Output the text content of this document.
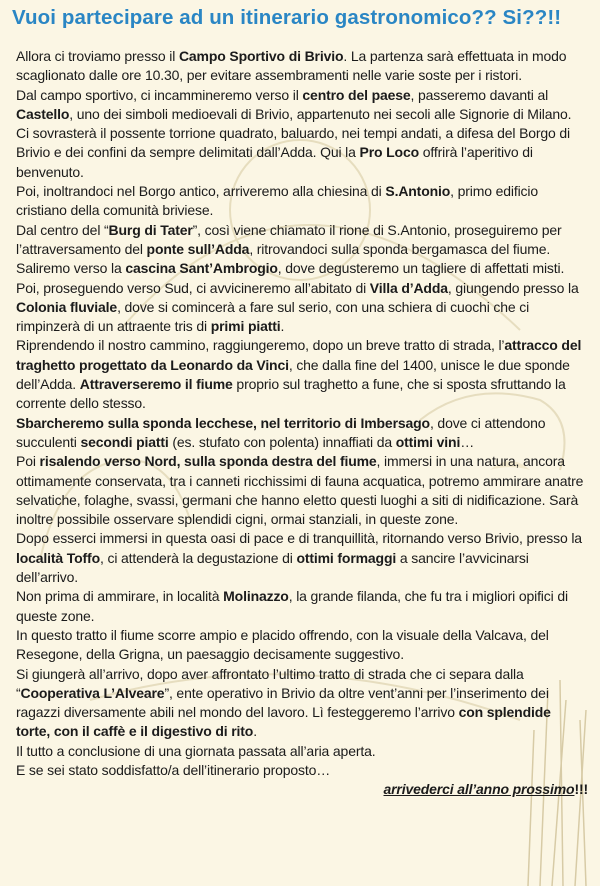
Vuoi partecipare ad un itinerario gastronomico?? Si??!!

Allora ci troviamo presso il Campo Sportivo di Brivio. La partenza sarà effettuata in modo scaglionato dalle ore 10.30, per evitare assembramenti nelle varie soste per i ristori.

Dal campo sportivo, ci incammineremo verso il centro del paese, passeremo davanti al Castello, uno dei simboli medioevali di Brivio, appartenuto nei secoli alle Signorie di Milano. Ci sovrasterà il possente torrione quadrato, baluardo, nei tempi andati, a difesa del Borgo di Brivio e dei confini da sempre delimitati dall’Adda. Qui la Pro Loco offrirà l’aperitivo di benvenuto.

Poi, inoltrandoci nel Borgo antico, arriveremo alla chiesina di S.Antonio, primo edificio cristiano della comunità briviese.

Dal centro del “Burg di Tater”, così viene chiamato il rione di S.Antonio, proseguiremo per l’attraversamento del ponte sull’Adda, ritrovandoci sulla sponda bergamasca del fiume. Saliremo verso la cascina Sant’Ambrogio, dove degusteremo un tagliere di affettati misti.

Poi, proseguendo verso Sud, ci avvicineremo all’abitato di Villa d’Adda, giungendo presso la Colonia fluviale, dove si comincerà a fare sul serio, con una schiera di cuochi che ci rimpinzerà di un attraente tris di primi piatti.

Riprendendo il nostro cammino, raggiungeremo, dopo un breve tratto di strada, l’attracco del traghetto progettato da Leonardo da Vinci, che dalla fine del 1400, unisce le due sponde dell’Adda. Attraverseremo il fiume proprio sul traghetto a fune, che si sposta sfruttando la corrente dello stesso.

Sbarcheremo sulla sponda lecchese, nel territorio di Imbersago, dove ci attendono succulenti secondi piatti (es. stufato con polenta) innaffiati da ottimi vini…

Poi risalendo verso Nord, sulla sponda destra del fiume, immersi in una natura, ancora ottimamente conservata, tra i canneti ricchissimi di fauna acquatica, potremo ammirare anatre selvatiche, folaghe, svassi, germani che hanno eletto questi luoghi a siti di nidificazione. Sarà inoltre possibile osservare splendidi cigni, ormai stanziali, in queste zone.

Dopo esserci immersi in questa oasi di pace e di tranquillità, ritornando verso Brivio, presso la località Toffo, ci attenderà la degustazione di ottimi formaggi a sancire l’avvicinarsi dell’arrivo.

Non prima di ammirare, in località Molinazzo, la grande filanda, che fu tra i migliori opifici di queste zone.

In questo tratto il fiume scorre ampio e placido offrendo, con la visuale della Valcava, del Resegone, della Grigna, un paesaggio decisamente suggestivo.

Si giungerà all’arrivo, dopo aver affrontato l’ultimo tratto di strada che ci separa dalla “Cooperativa L’Alveare”, ente operativo in Brivio da oltre vent’anni per l’inserimento dei ragazzi diversamente abili nel mondo del lavoro. Lì festeggeremo l’arrivo con splendide torte, con il caffè e il digestivo di rito.

Il tutto a conclusione di una giornata passata all’aria aperta.

E se sei stato soddisfatto/a dell’itinerario proposto…

arrivederci all’anno prossimo!!!
